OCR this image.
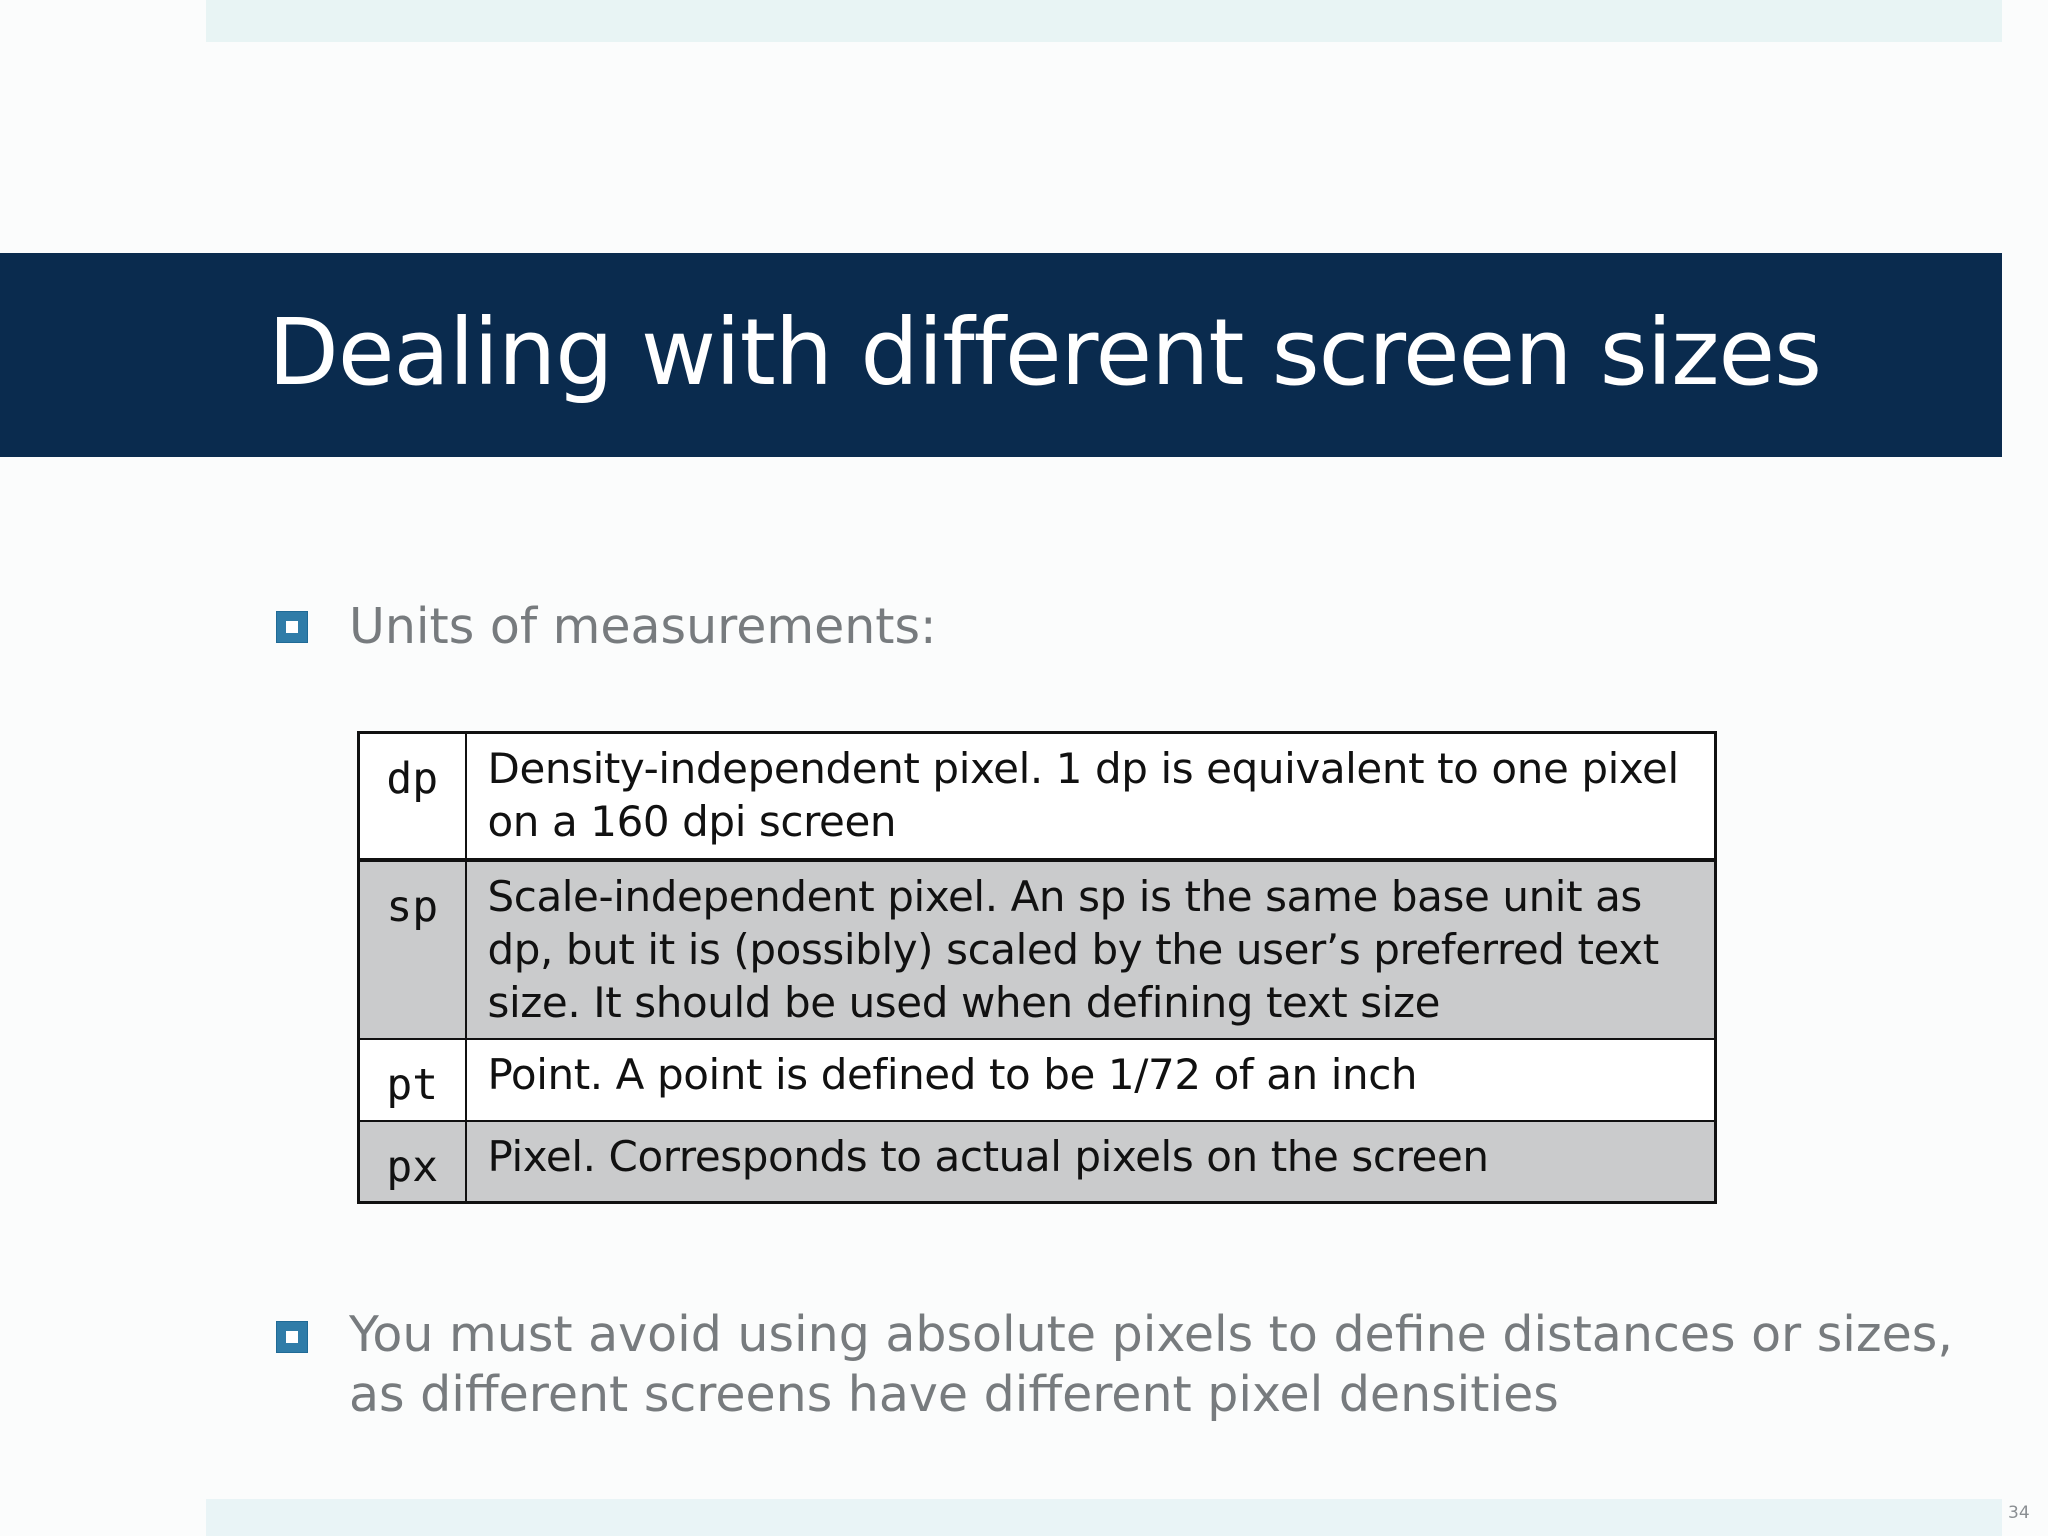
Dealing with different screen sizes
Units of measurements:
dp	Density-independent pixel. 1 dp is equivalent to one pixel on a 160 dpi screen
sp	Scale-independent pixel. An sp is the same base unit as dp, but it is (possibly) scaled by the user’s preferred text size. It should be used when defining text size
pt	Point. A point is defined to be 1/72 of an inch
px	Pixel. Corresponds to actual pixels on the screen
You must avoid using absolute pixels to define distances or sizes, as different screens have different pixel densities
34
